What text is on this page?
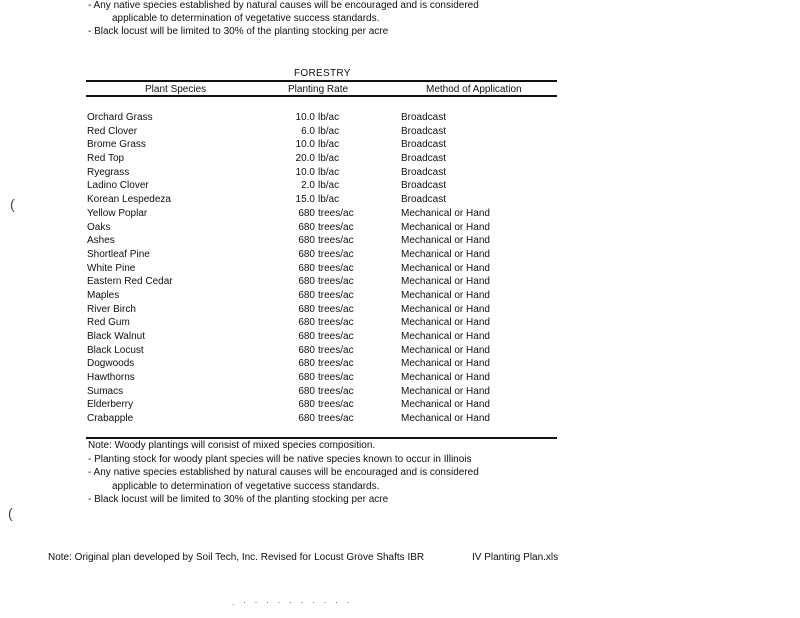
- Any native species established by natural causes will be encouraged and is considered
applicable to determination of vegetative success standards.
- Black locust will be limited to 30% of the planting stocking per acre
FORESTRY
Plant Species	Planting Rate	Method of Application
Orchard Grass	10.0 lb/ac	Broadcast
Red Clover	6.0 lb/ac	Broadcast
Brome Grass	10.0 lb/ac	Broadcast
Red Top	20.0 lb/ac	Broadcast
Ryegrass	10.0 lb/ac	Broadcast
Ladino Clover	2.0 lb/ac	Broadcast
Korean Lespedeza	15.0 lb/ac	Broadcast
Yellow Poplar	680 trees/ac	Mechanical or Hand
Oaks	680 trees/ac	Mechanical or Hand
Ashes	680 trees/ac	Mechanical or Hand
Shortleaf Pine	680 trees/ac	Mechanical or Hand
White Pine	680 trees/ac	Mechanical or Hand
Eastern Red Cedar	680 trees/ac	Mechanical or Hand
Maples	680 trees/ac	Mechanical or Hand
River Birch	680 trees/ac	Mechanical or Hand
Red Gum	680 trees/ac	Mechanical or Hand
Black Walnut	680 trees/ac	Mechanical or Hand
Black Locust	680 trees/ac	Mechanical or Hand
Dogwoods	680 trees/ac	Mechanical or Hand
Hawthorns	680 trees/ac	Mechanical or Hand
Sumacs	680 trees/ac	Mechanical or Hand
Elderberry	680 trees/ac	Mechanical or Hand
Crabapple	680 trees/ac	Mechanical or Hand
Note: Woody plantings will consist of mixed species composition.
- Planting stock for woody plant species will be native species known to occur in Illinois
- Any native species established by natural causes will be encouraged and is considered
applicable to determination of vegetative success standards.
- Black locust will be limited to 30% of the planting stocking per acre
Note: Original plan developed by Soil Tech, Inc. Revised for Locust Grove Shafts IBR	IV Planting Plan.xls
(
(
. · · · · · · · · · ·
